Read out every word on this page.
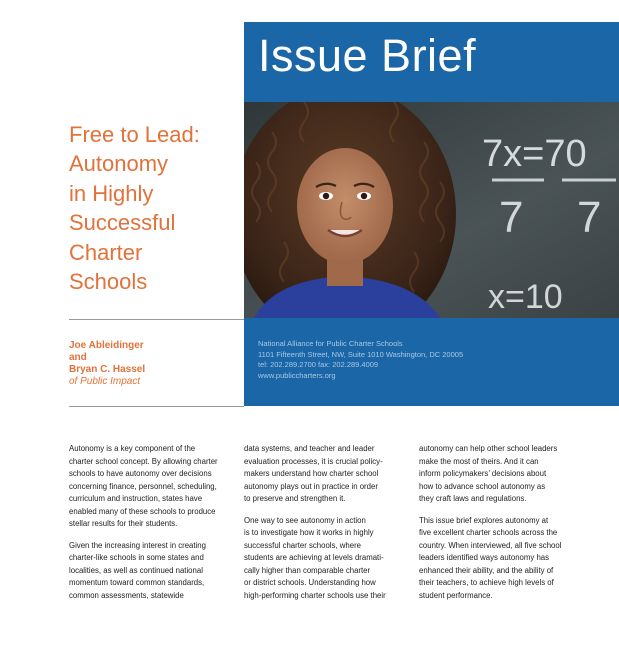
Issue Brief
7x=70
7 7
x=10
Free to Lead:
Autonomy
in Highly
Successful
Charter
Schools
Joe Ableidinger
and
Bryan C. Hassel
of Public Impact
National Alliance for Public Charter Schools
1101 Fifteenth Street, NW, Suite 1010 Washington, DC 20005
tel: 202.289.2700 fax: 202.289.4009
www.publiccharters.org

Autonomy is a key component of the
charter school concept. By allowing charter
schools to have autonomy over decisions
concerning finance, personnel, scheduling,
curriculum and instruction, states have
enabled many of these schools to produce
stellar results for their students.

Given the increasing interest in creating
charter-like schools in some states and
localities, as well as continued national
momentum toward common standards,
common assessments, statewide

data systems, and teacher and leader
evaluation processes, it is crucial policy-
makers understand how charter school
autonomy plays out in practice in order
to preserve and strengthen it.

One way to see autonomy in action
is to investigate how it works in highly
successful charter schools, where
students are achieving at levels dramati-
cally higher than comparable charter
or district schools. Understanding how
high-performing charter schools use their

autonomy can help other school leaders
make the most of theirs. And it can
inform policymakers’ decisions about
how to advance school autonomy as
they craft laws and regulations.

This issue brief explores autonomy at
five excellent charter schools across the
country. When interviewed, all five school
leaders identified ways autonomy has
enhanced their ability, and the ability of
their teachers, to achieve high levels of
student performance.
